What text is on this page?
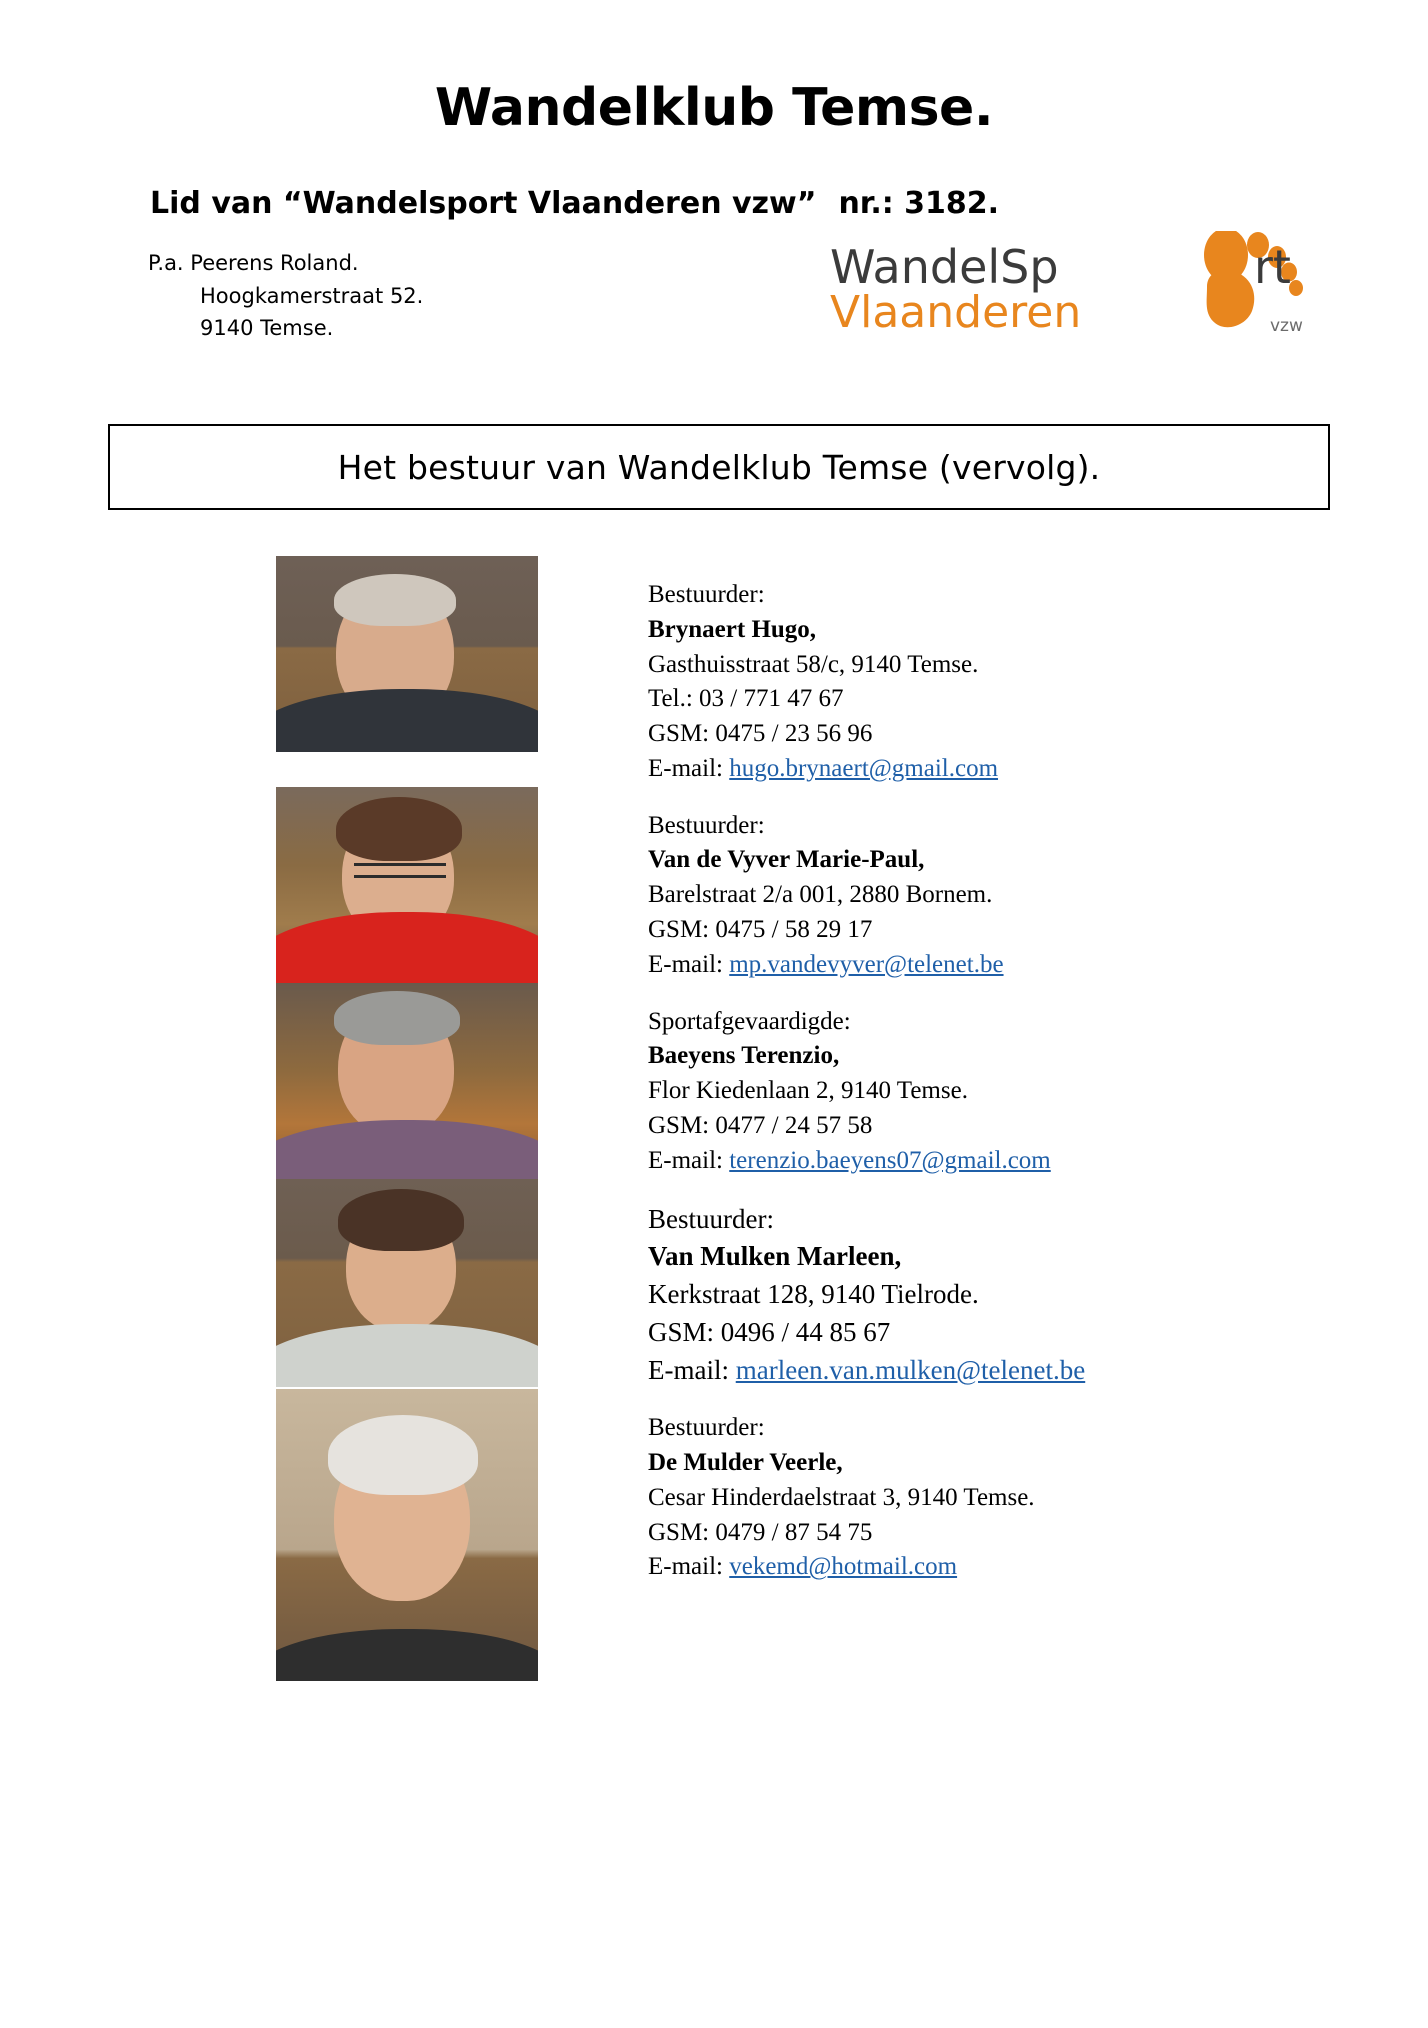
Wandelklub Temse.
Lid van “Wandelsport Vlaanderen vzw” nr.: 3182.
P.a. Peerens Roland.
Hoogkamerstraat 52.
9140 Temse.
WandelSp	rt
Vlaanderen	vzw
Het bestuur van Wandelklub Temse (vervolg).
Bestuurder:
Brynaert Hugo,
Gasthuisstraat 58/c, 9140 Temse.
Tel.: 03 / 771 47 67
GSM: 0475 / 23 56 96
E-mail: hugo.brynaert@gmail.com
Bestuurder:
Van de Vyver Marie-Paul,
Barelstraat 2/a 001, 2880 Bornem.
GSM: 0475 / 58 29 17
E-mail: mp.vandevyver@telenet.be
Sportafgevaardigde:
Baeyens Terenzio,
Flor Kiedenlaan 2, 9140 Temse.
GSM: 0477 / 24 57 58
E-mail: terenzio.baeyens07@gmail.com
Bestuurder:
Van Mulken Marleen,
Kerkstraat 128, 9140 Tielrode.
GSM: 0496 / 44 85 67
E-mail: marleen.van.mulken@telenet.be
Bestuurder:
De Mulder Veerle,
Cesar Hinderdaelstraat 3, 9140 Temse.
GSM: 0479 / 87 54 75
E-mail: vekemd@hotmail.com
